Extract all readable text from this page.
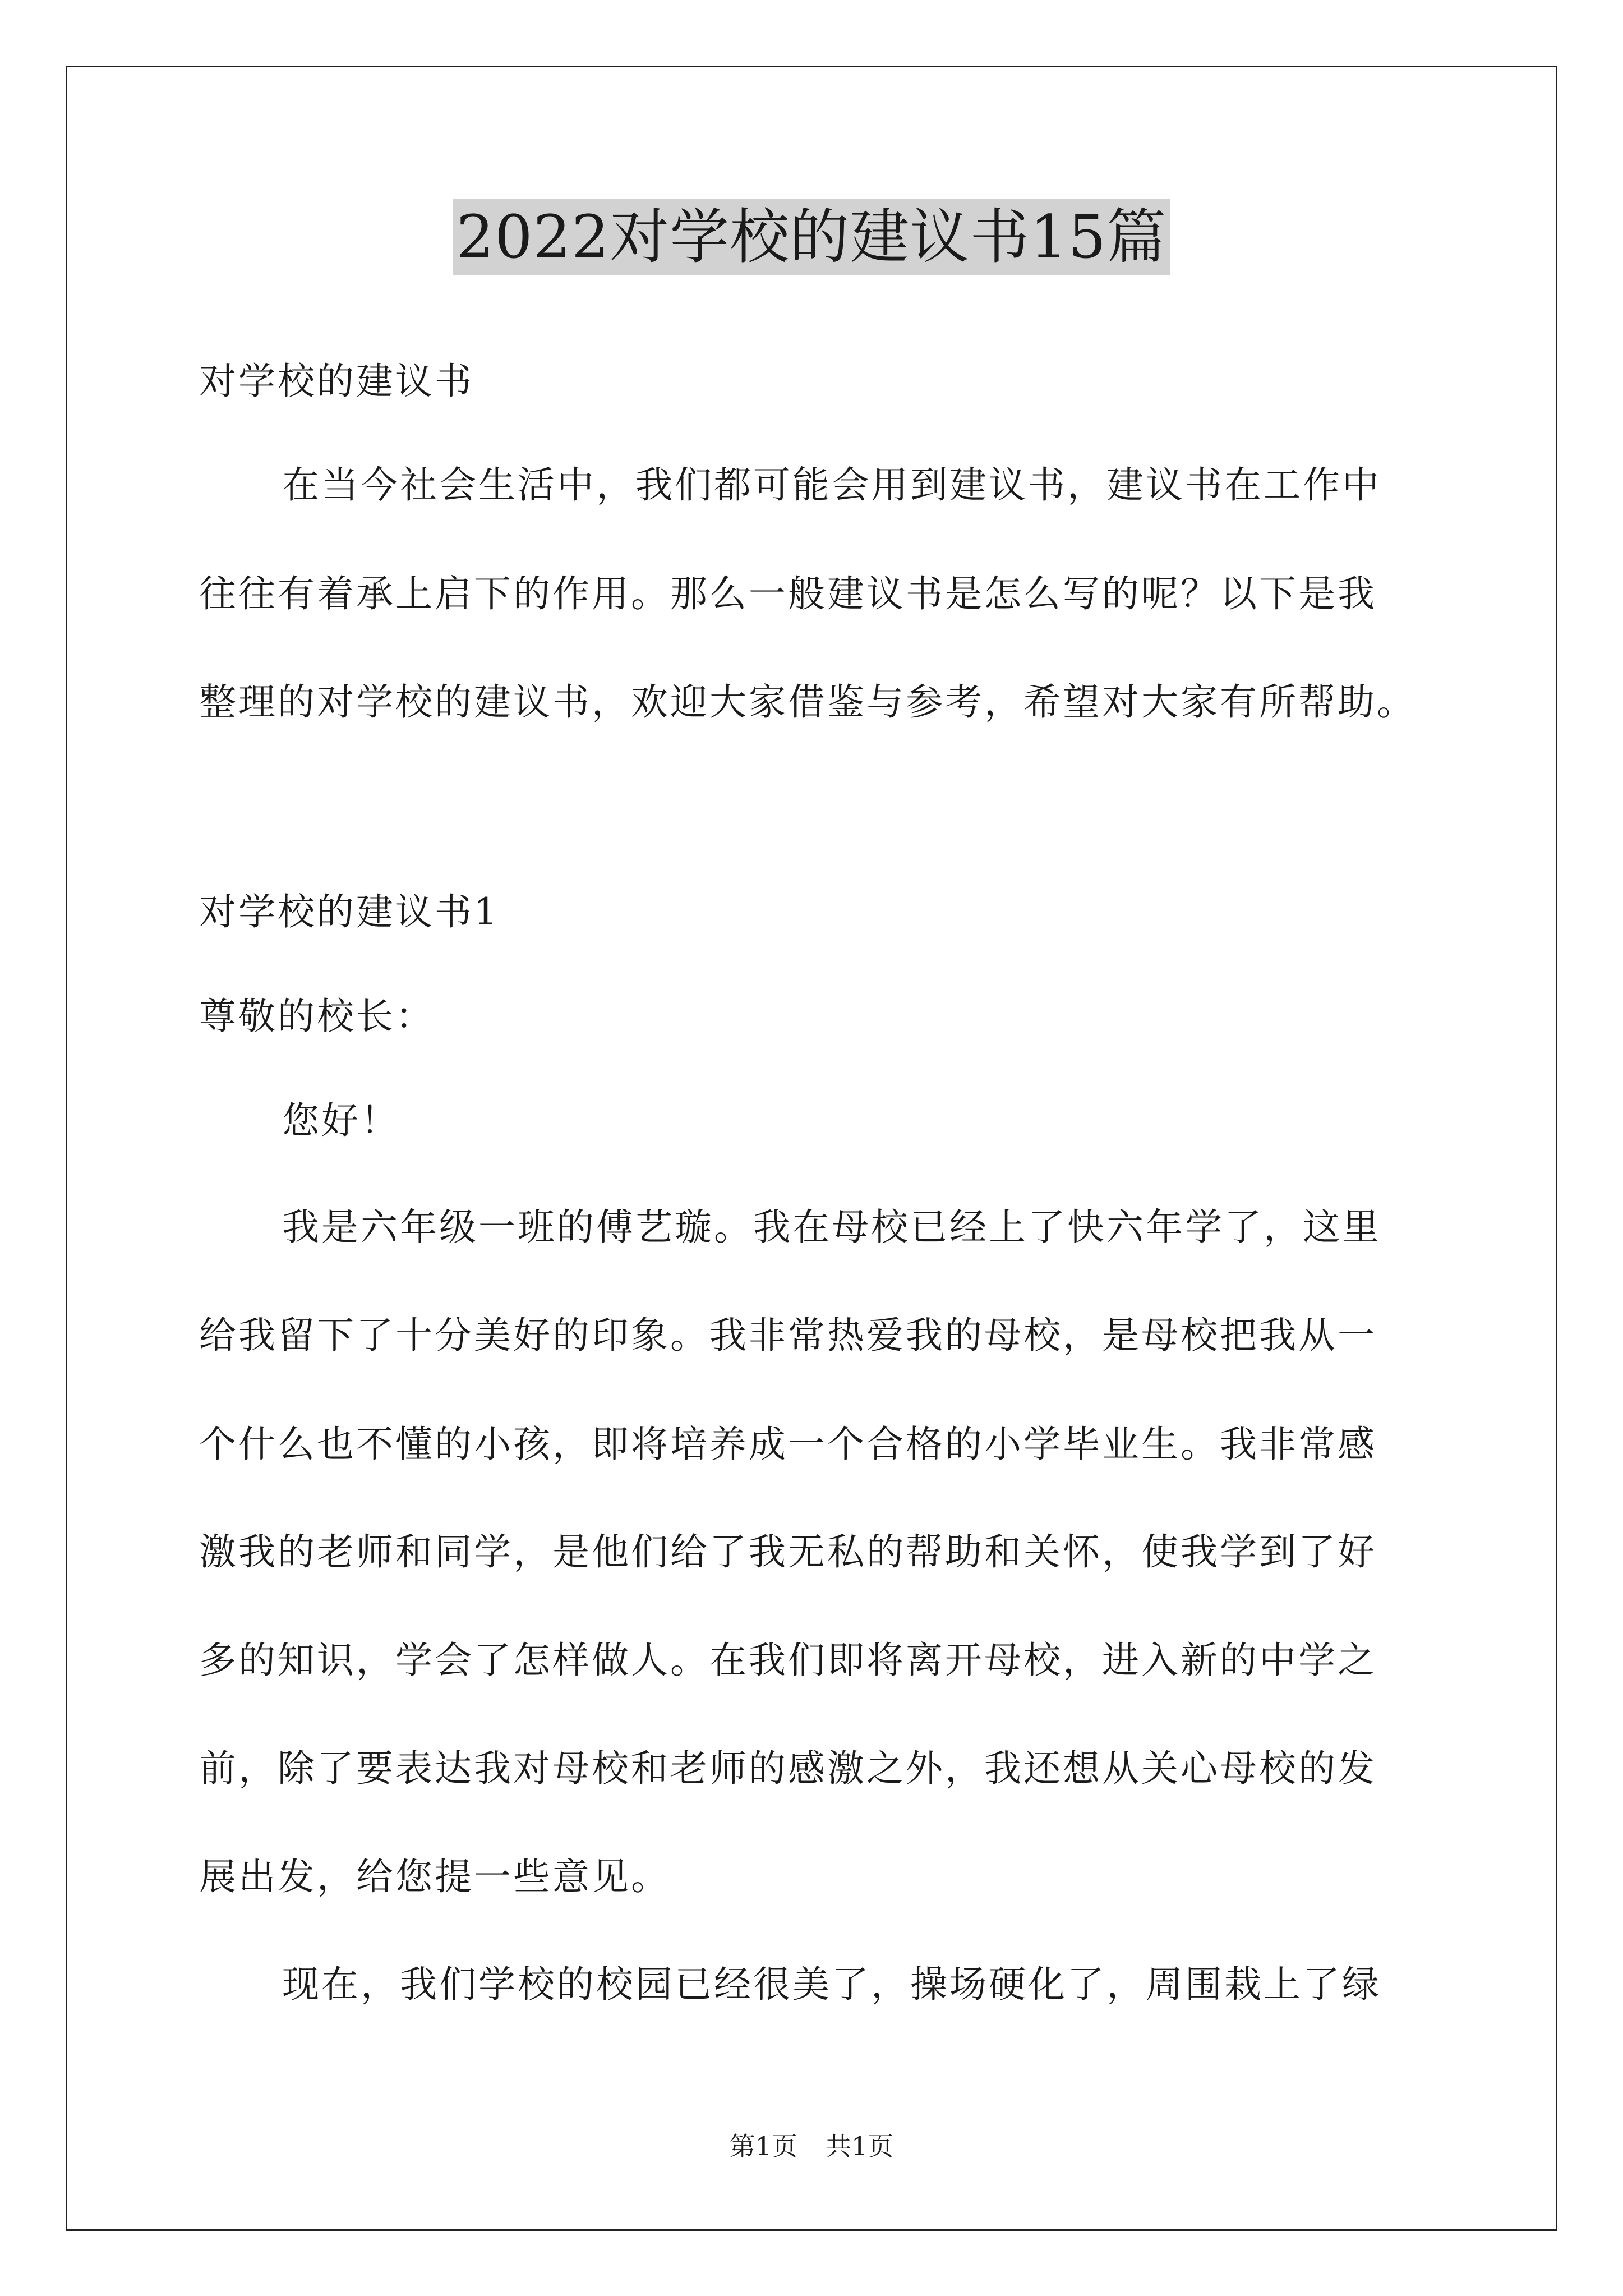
2022对学校的建议书15篇
对学校的建议书
在当今社会生活中，我们都可能会用到建议书，建议书在工作中
往往有着承上启下的作用。那么一般建议书是怎么写的呢？以下是我
整理的对学校的建议书，欢迎大家借鉴与参考，希望对大家有所帮助。
对学校的建议书1
尊敬的校长：
您好！
我是六年级一班的傅艺璇。我在母校已经上了快六年学了，这里
给我留下了十分美好的印象。我非常热爱我的母校，是母校把我从一
个什么也不懂的小孩，即将培养成一个合格的小学毕业生。我非常感
激我的老师和同学，是他们给了我无私的帮助和关怀，使我学到了好
多的知识，学会了怎样做人。在我们即将离开母校，进入新的中学之
前，除了要表达我对母校和老师的感激之外，我还想从关心母校的发
展出发，给您提一些意见。
现在，我们学校的校园已经很美了，操场硬化了，周围栽上了绿
第1页 共1页
